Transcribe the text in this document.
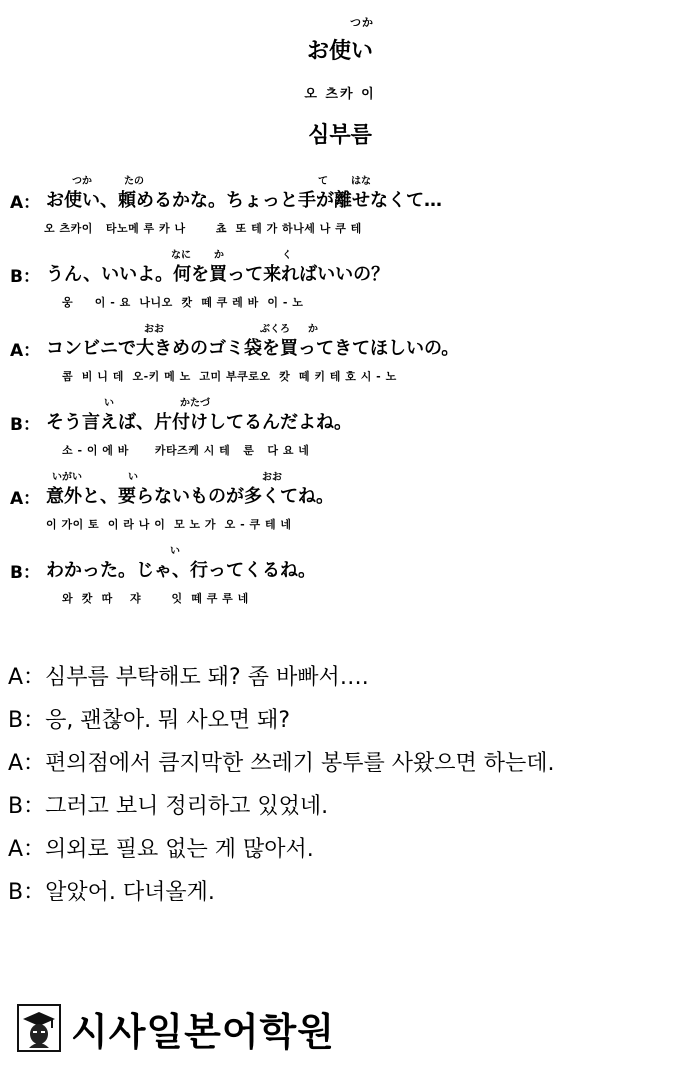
つか
お使い
오 츠카 이
심부름
つか	たの	て はな
A： お使い、頼めるかな。ちょっと手が離せなくて…
오 츠카이   타노메 루 카 나       쵸  또 테 가 하나세 나 쿠 테
なに か	く
B： うん、いいよ。何を買って来ればいいの？
웅     이 - 요  나니오  캇  떼 쿠 레 바  이 - 노
おお	ぶくろ か
A： コンビニで大きめのゴミ袋を買ってきてほしいの。
콤  비 니 데  오-키 메 노  고미 부쿠로오  캇  떼 키 테 호 시 - 노
い	かたづ
B： そう言えば、片付けしてるんだよね。
소 - 이 에 바      카타즈케 시 테   룬   다 요 네
いがい	い	おお
A： 意外と、要らないものが多くてね。
이 가이 토  이 라 나 이  모 노 가  오 - 쿠 테 네
い
B： わかった。じゃ、行ってくるね。
와  캇  따    쟈       잇  떼 쿠 루 네
A：심부름 부탁해도 돼? 좀 바빠서….
B：응, 괜찮아. 뭐 사오면 돼?
A：편의점에서 큼지막한 쓰레기 봉투를 사왔으면 하는데.
B：그러고 보니 정리하고 있었네.
A：의외로 필요 없는 게 많아서.
B：알았어. 다녀올게.
시사일본어학원
